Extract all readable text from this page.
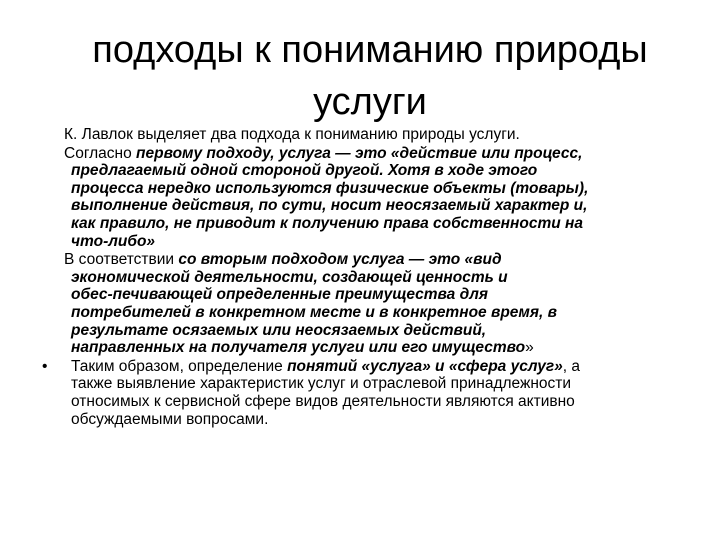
подходы к пониманию природы
услуги
К. Лавлок выделяет два подхода к пониманию природы услуги.
Согласно первому подходу, услуга — это «действие или процесс,
предлагаемый одной стороной другой. Хотя в ходе этого
процесса нередко используются физические объекты (товары),
выполнение действия, по сути, носит неосязаемый характер и,
как правило, не приводит к получению права собственности на
что-либо»
В соответствии со вторым подходом услуга — это «вид
экономической деятельности, создающей ценность и
обес-печивающей определенные преимущества для
потребителей в конкретном месте и в конкретное время, в
результате осязаемых или неосязаемых действий,
направленных на получателя услуги или его имущество»
•	Таким образом, определение понятий «услуга» и «сфера услуг», а
также выявление характеристик услуг и отраслевой принадлежности
относимых к сервисной сфере видов деятельности являются активно
обсуждаемыми вопросами.
